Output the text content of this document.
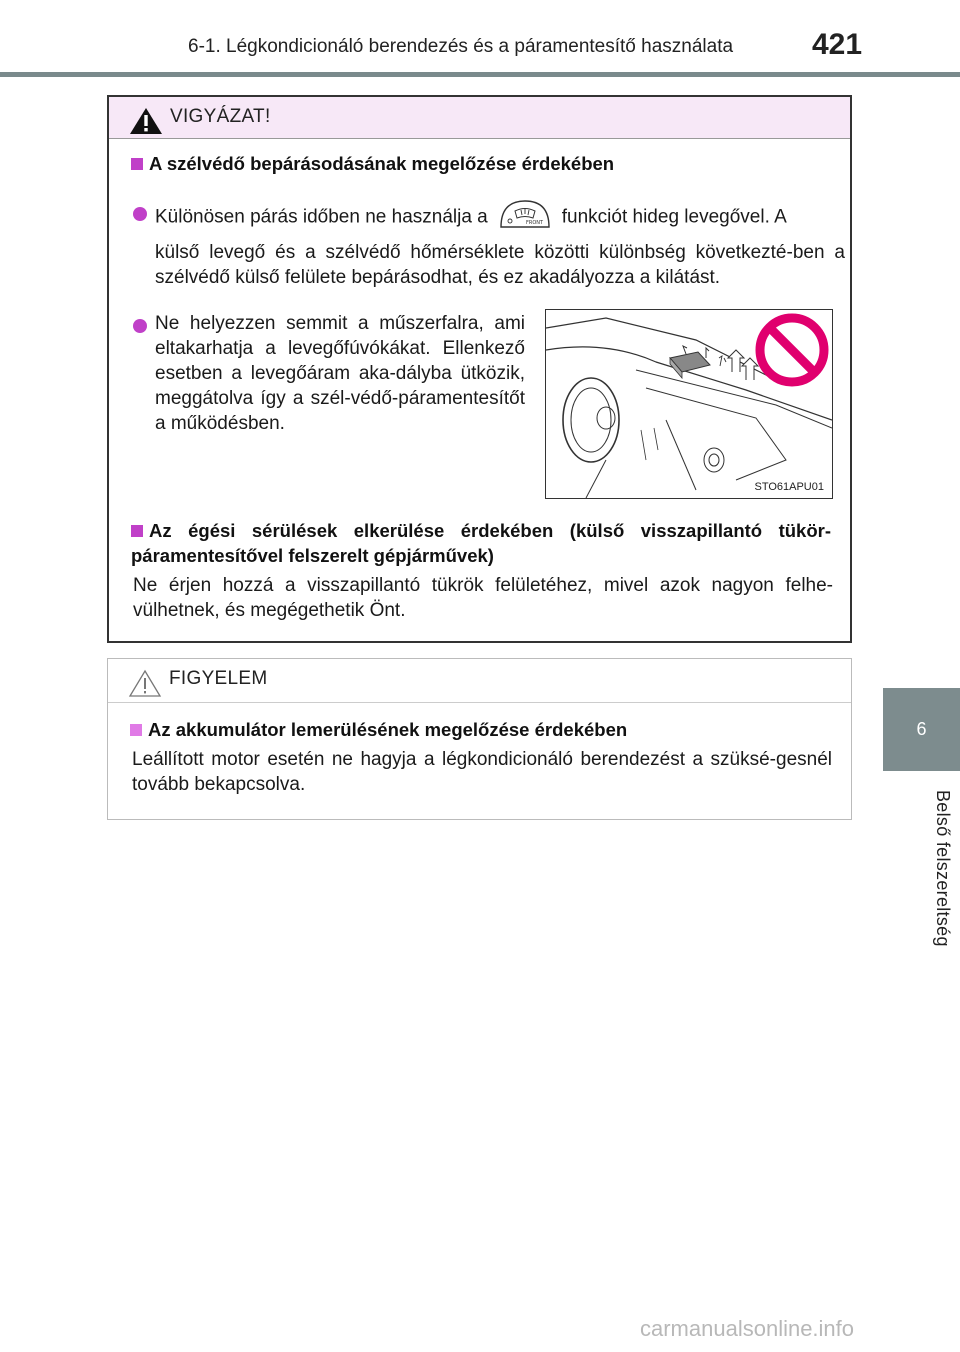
6-1. Légkondicionáló berendezés és a páramentesítő használata	421
6
Belső felszereltség
VIGYÁZAT!
A szélvédő bepárásodásának megelőzése érdekében
Különösen párás időben ne használja a	FRONT funkciót hideg levegővel. A
külső levegő és a szélvédő hőmérséklete közötti különbség következté-ben a szélvédő külső felülete bepárásodhat, és ez akadályozza a kilátást.
Ne helyezzen semmit a műszerfalra, ami eltakarhatja a levegőfúvókákat. Ellenkező esetben a levegőáram aka-dályba ütközik, meggátolva így a szél-védő-páramentesítőt a működésben.
STO61APU01
Az égési sérülések elkerülése érdekében (külső visszapillantó tükör-páramentesítővel felszerelt gépjárművek)
Ne érjen hozzá a visszapillantó tükrök felületéhez, mivel azok nagyon felhe-vülhetnek, és megégethetik Önt.
FIGYELEM
Az akkumulátor lemerülésének megelőzése érdekében
Leállított motor esetén ne hagyja a légkondicionáló berendezést a szüksé-gesnél tovább bekapcsolva.
carmanualsonline.info
